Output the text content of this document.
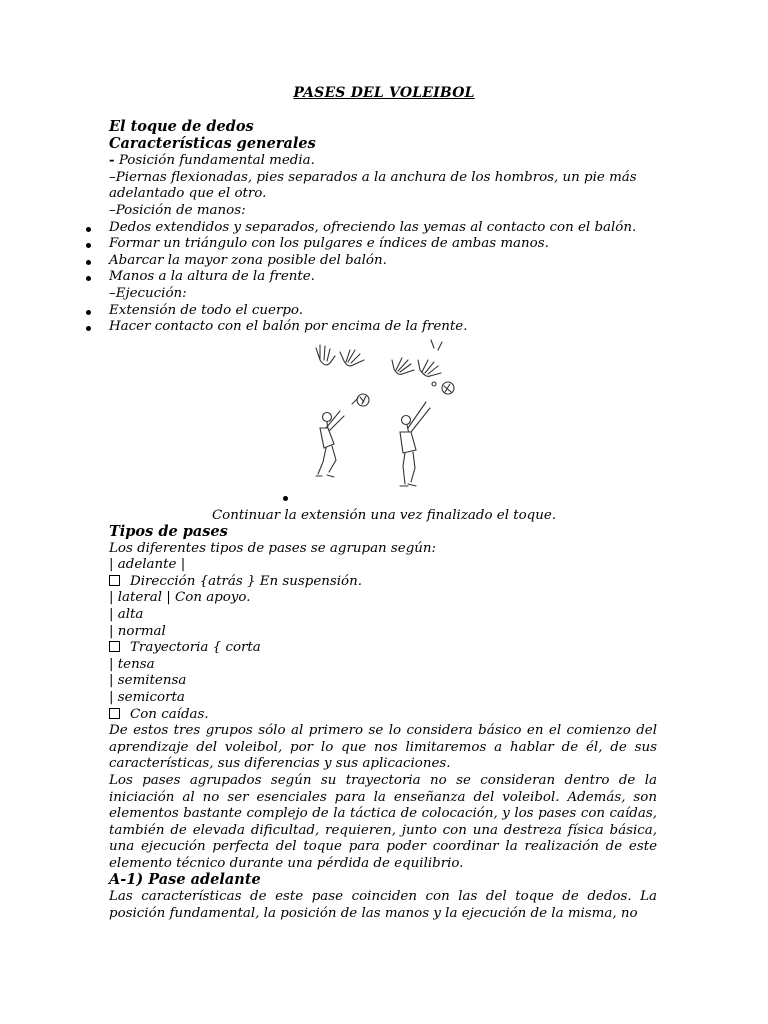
PASES DEL VOLEIBOL
El toque de dedos
Características generales
- Posición fundamental media.
–Piernas flexionadas, pies separados a la anchura de los hombros, un pie más
adelantado que el otro.
–Posición de manos:
Dedos extendidos y separados, ofreciendo las yemas al contacto con el balón.
Formar un triángulo con los pulgares e índices de ambas manos.
Abarcar la mayor zona posible del balón.
Manos a la altura de la frente.
–Ejecución:
Extensión de todo el cuerpo.
Hacer contacto con el balón por encima de la frente.
Continuar la extensión una vez finalizado el toque.
Tipos de pases
Los diferentes tipos de pases se agrupan según:
| adelante |
Dirección {atrás } En suspensión.
| lateral | Con apoyo.
| alta
| normal
Trayectoria { corta
| tensa
| semitensa
| semicorta
Con caídas.
De estos tres grupos sólo al primero se lo considera básico en el comienzo del aprendizaje del voleibol, por lo que nos limitaremos a hablar de él, de sus características, sus diferencias y sus aplicaciones.
Los pases agrupados según su trayectoria no se consideran dentro de la iniciación al no ser esenciales para la enseñanza del voleibol. Además, son elementos bastante complejo de la táctica de colocación, y los pases con caídas, también de elevada dificultad, requieren, junto con una destreza física básica, una ejecución perfecta del toque para poder coordinar la realización de este elemento técnico durante una pérdida de equilibrio.
A-1) Pase adelante
Las características de este pase coinciden con las del toque de dedos. La posición fundamental, la posición de las manos y la ejecución de la misma, no
